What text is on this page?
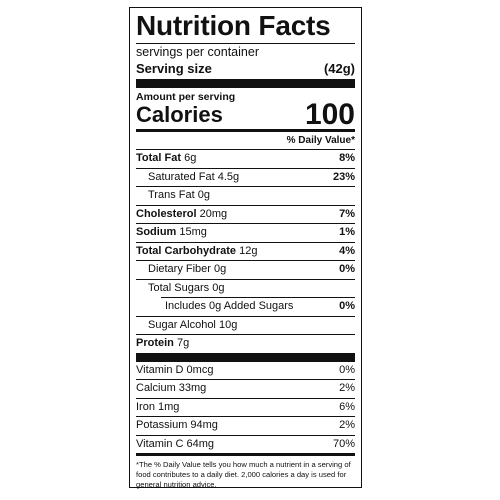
Nutrition Facts
servings per container
Serving size	(42g)
Amount per serving
Calories	100
% Daily Value*
Total Fat 6g	8%
Saturated Fat 4.5g	23%
Trans Fat 0g
Cholesterol 20mg	7%
Sodium 15mg	1%
Total Carbohydrate 12g	4%
Dietary Fiber 0g	0%
Total Sugars 0g
Includes 0g Added Sugars	0%
Sugar Alcohol 10g
Protein 7g
Vitamin D 0mcg	0%
Calcium 33mg	2%
Iron 1mg	6%
Potassium 94mg	2%
Vitamin C 64mg	70%
*The % Daily Value tells you how much a nutrient in a serving of food contributes to a daily diet. 2,000 calories a day is used for general nutrition advice.
